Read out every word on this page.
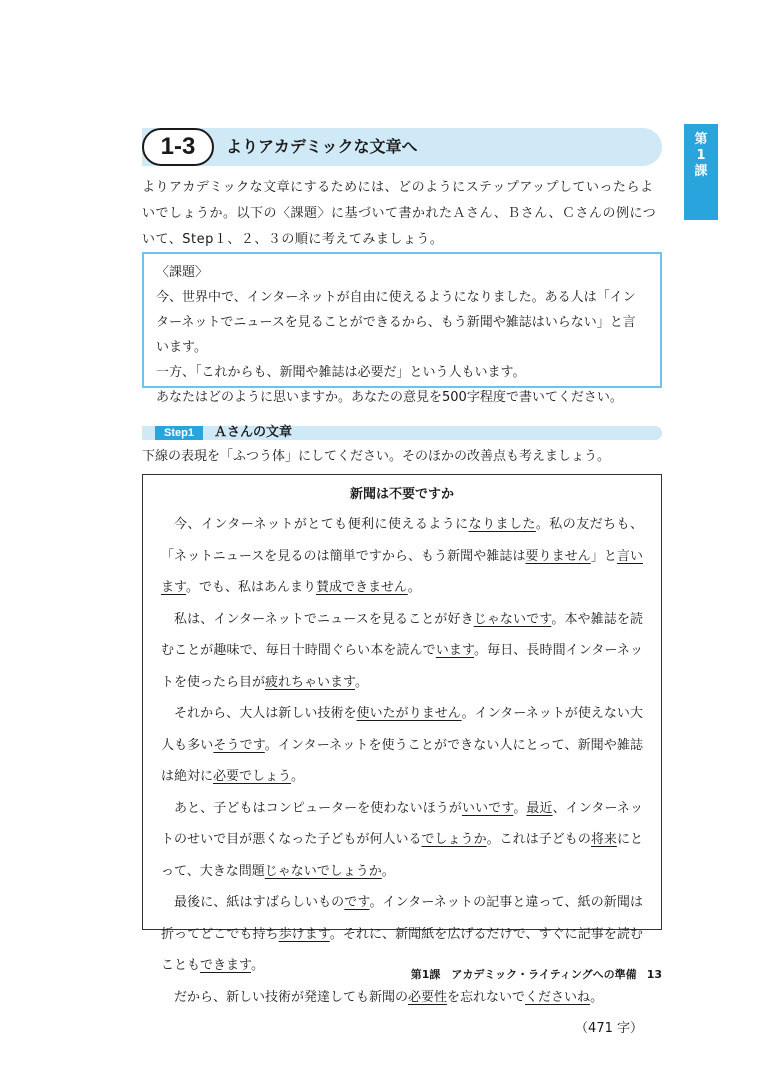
第
1
課
1-3	よりアカデミックな文章へ
よりアカデミックな文章にするためには、どのようにステップアップしていったらよいでしょうか。以下の〈課題〉に基づいて書かれたＡさん、Ｂさん、Ｃさんの例について、Step１、２、３の順に考えてみましょう。

〈課題〉

今、世界中で、インターネットが自由に使えるようになりました。ある人は「インターネットでニュースを見ることができるから、もう新聞や雑誌はいらない」と言います。

一方、「これからも、新聞や雑誌は必要だ」という人もいます。

あなたはどのように思いますか。あなたの意見を500字程度で書いてください。

Step1	Ａさんの文章
下線の表現を「ふつう体」にしてください。そのほかの改善点も考えましょう。
新聞は不要ですか

今、インターネットがとても便利に使えるようになりました。私の友だちも、「ネットニュースを見るのは簡単ですから、もう新聞や雑誌は要りません」と言います。でも、私はあんまり賛成できません。

私は、インターネットでニュースを見ることが好きじゃないです。本や雑誌を読むことが趣味で、毎日十時間ぐらい本を読んでいます。毎日、長時間インターネットを使ったら目が疲れちゃいます。

それから、大人は新しい技術を使いたがりません。インターネットが使えない大人も多いそうです。インターネットを使うことができない人にとって、新聞や雑誌は絶対に必要でしょう。

あと、子どもはコンピューターを使わないほうがいいです。最近、インターネットのせいで目が悪くなった子どもが何人いるでしょうか。これは子どもの将来にとって、大きな問題じゃないでしょうか。

最後に、紙はすばらしいものです。インターネットの記事と違って、紙の新聞は折ってどこでも持ち歩けます。それに、新聞紙を広げるだけで、すぐに記事を読むこともできます。

だから、新しい技術が発達しても新聞の必要性を忘れないでくださいね。
（471 字）

第1課　アカデミック・ライティングへの準備 13
